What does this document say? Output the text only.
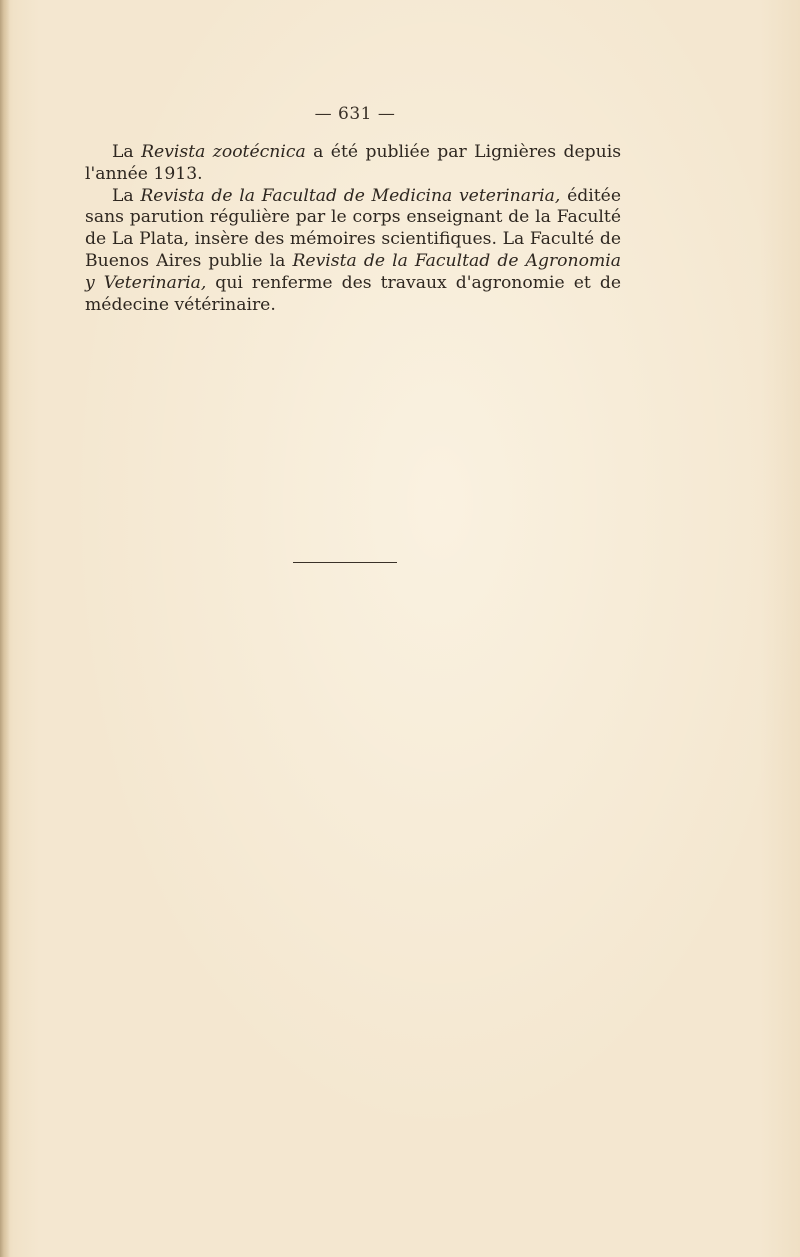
— 631 —

La Revista zootécnica a été publiée par Lignières depuis l'année 1913.

La Revista de la Facultad de Medicina veterinaria, éditée sans parution régulière par le corps enseignant de la Faculté de La Plata, insère des mémoires scientifiques. La Faculté de Buenos Aires publie la Revista de la Facultad de Agronomia y Veterinaria, qui renferme des travaux d'agronomie et de médecine vétérinaire.
